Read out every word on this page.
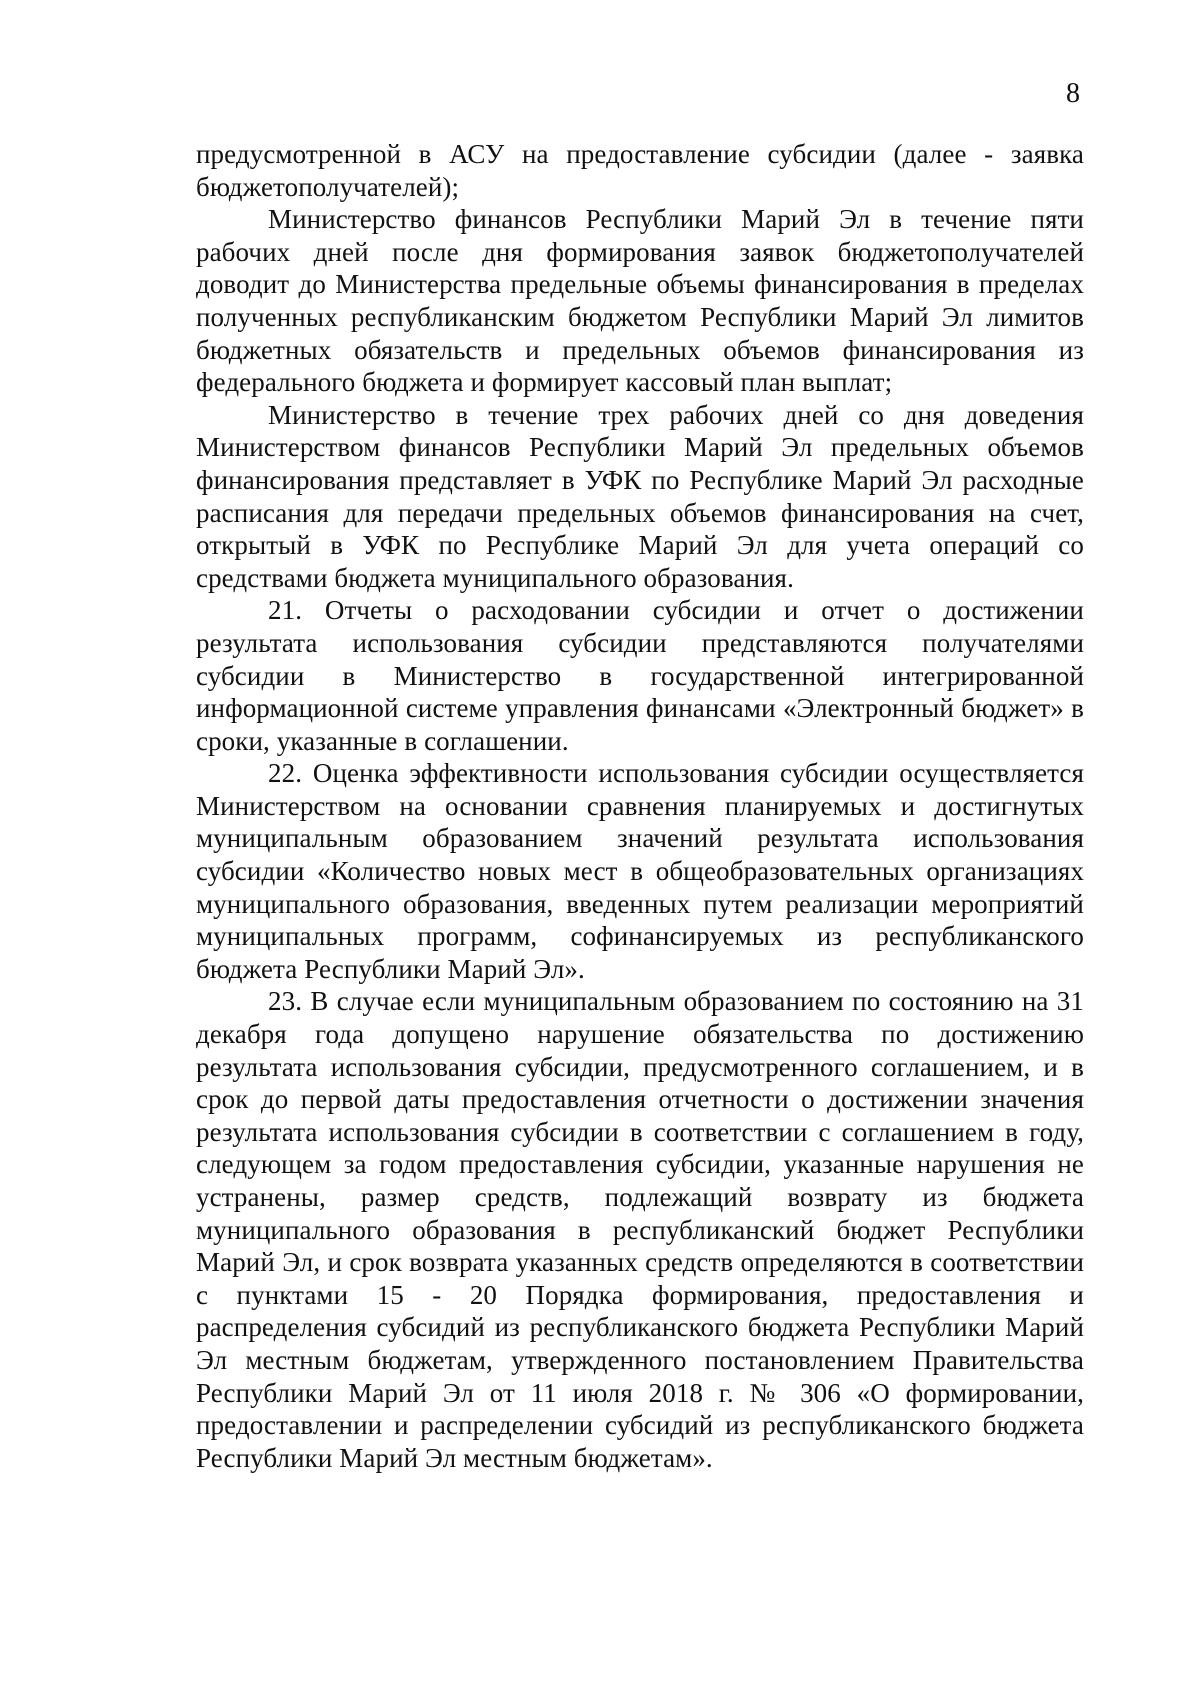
8

предусмотренной в АСУ на предоставление субсидии (далее - заявка бюджетополучателей);

Министерство финансов Республики Марий Эл в течение пяти рабочих дней после дня формирования заявок бюджетополучателей доводит до Министерства предельные объемы финансирования в пределах полученных республиканским бюджетом Республики Марий Эл лимитов бюджетных обязательств и предельных объемов финансирования из федерального бюджета и формирует кассовый план выплат;

Министерство в течение трех рабочих дней со дня доведения Министерством финансов Республики Марий Эл предельных объемов финансирования представляет в УФК по Республике Марий Эл расходные расписания для передачи предельных объемов финансирования на счет, открытый в УФК по Республике Марий Эл для учета операций со средствами бюджета муниципального образования.

21. Отчеты о расходовании субсидии и отчет о достижении результата использования субсидии представляются получателями субсидии в Министерство в государственной интегрированной информационной системе управления финансами «Электронный бюджет» в сроки, указанные в соглашении.

22. Оценка эффективности использования субсидии осуществляется Министерством на основании сравнения планируемых и достигнутых муниципальным образованием значений результата использования субсидии «Количество новых мест в общеобразовательных организациях муниципального образования, введенных путем реализации мероприятий муниципальных программ, софинансируемых из республиканского бюджета Республики Марий Эл».

23. В случае если муниципальным образованием по состоянию на 31 декабря года допущено нарушение обязательства по достижению результата использования субсидии, предусмотренного соглашением, и в срок до первой даты предоставления отчетности о достижении значения результата использования субсидии в соответствии с соглашением в году, следующем за годом предоставления субсидии, указанные нарушения не устранены, размер средств, подлежащий возврату из бюджета муниципального образования в республиканский бюджет Республики Марий Эл, и срок возврата указанных средств определяются в соответствии с пунктами 15 - 20 Порядка формирования, предоставления и распределения субсидий из республиканского бюджета Республики Марий Эл местным бюджетам, утвержденного постановлением Правительства Республики Марий Эл от 11 июля 2018 г. № 306 «О формировании, предоставлении и распределении субсидий из республиканского бюджета Республики Марий Эл местным бюджетам».
